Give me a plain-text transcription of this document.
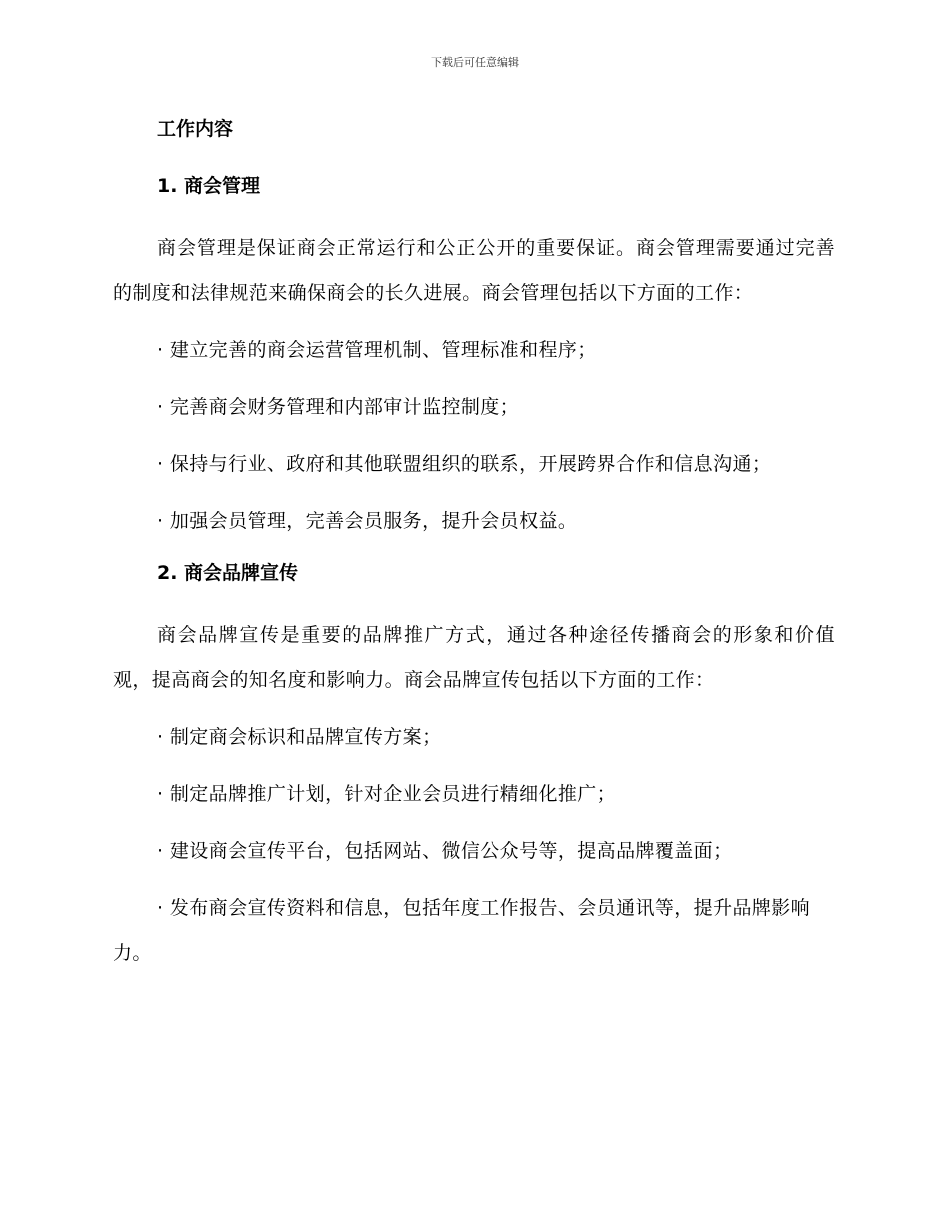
下载后可任意编辑
工作内容
1. 商会管理

商会管理是保证商会正常运行和公正公开的重要保证。商会管理需要通过完善的制度和法律规范来确保商会的长久进展。商会管理包括以下方面的工作：

· 建立完善的商会运营管理机制、管理标准和程序；

· 完善商会财务管理和内部审计监控制度；

· 保持与行业、政府和其他联盟组织的联系，开展跨界合作和信息沟通；

· 加强会员管理，完善会员服务，提升会员权益。

2. 商会品牌宣传

商会品牌宣传是重要的品牌推广方式，通过各种途径传播商会的形象和价值观，提高商会的知名度和影响力。商会品牌宣传包括以下方面的工作：

· 制定商会标识和品牌宣传方案；

· 制定品牌推广计划，针对企业会员进行精细化推广；

· 建设商会宣传平台，包括网站、微信公众号等，提高品牌覆盖面；

· 发布商会宣传资料和信息，包括年度工作报告、会员通讯等，提升品牌影响力。
